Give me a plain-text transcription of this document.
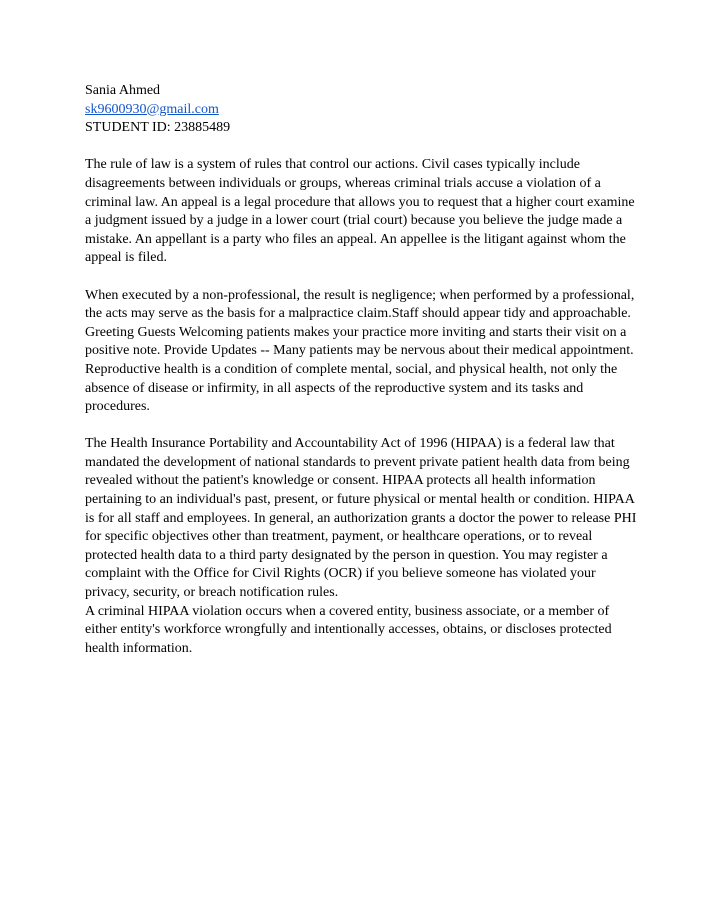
Sania Ahmed

sk9600930@gmail.com

STUDENT ID: 23885489

The rule of law is a system of rules that control our actions. Civil cases typically include disagreements between individuals or groups, whereas criminal trials accuse a violation of a criminal law. An appeal is a legal procedure that allows you to request that a higher court examine a judgment issued by a judge in a lower court (trial court) because you believe the judge made a mistake. An appellant is a party who files an appeal. An appellee is the litigant against whom the appeal is filed.

When executed by a non-professional, the result is negligence; when performed by a professional, the acts may serve as the basis for a malpractice claim.Staff should appear tidy and approachable. Greeting Guests Welcoming patients makes your practice more inviting and starts their visit on a positive note. Provide Updates -- Many patients may be nervous about their medical appointment. Reproductive health is a condition of complete mental, social, and physical health, not only the absence of disease or infirmity, in all aspects of the reproductive system and its tasks and procedures.

The Health Insurance Portability and Accountability Act of 1996 (HIPAA) is a federal law that mandated the development of national standards to prevent private patient health data from being revealed without the patient's knowledge or consent. HIPAA protects all health information pertaining to an individual's past, present, or future physical or mental health or condition. HIPAA is for all staff and employees. In general, an authorization grants a doctor the power to release PHI for specific objectives other than treatment, payment, or healthcare operations, or to reveal protected health data to a third party designated by the person in question. You may register a complaint with the Office for Civil Rights (OCR) if you believe someone has violated your privacy, security, or breach notification rules.

A criminal HIPAA violation occurs when a covered entity, business associate, or a member of either entity's workforce wrongfully and intentionally accesses, obtains, or discloses protected health information.
